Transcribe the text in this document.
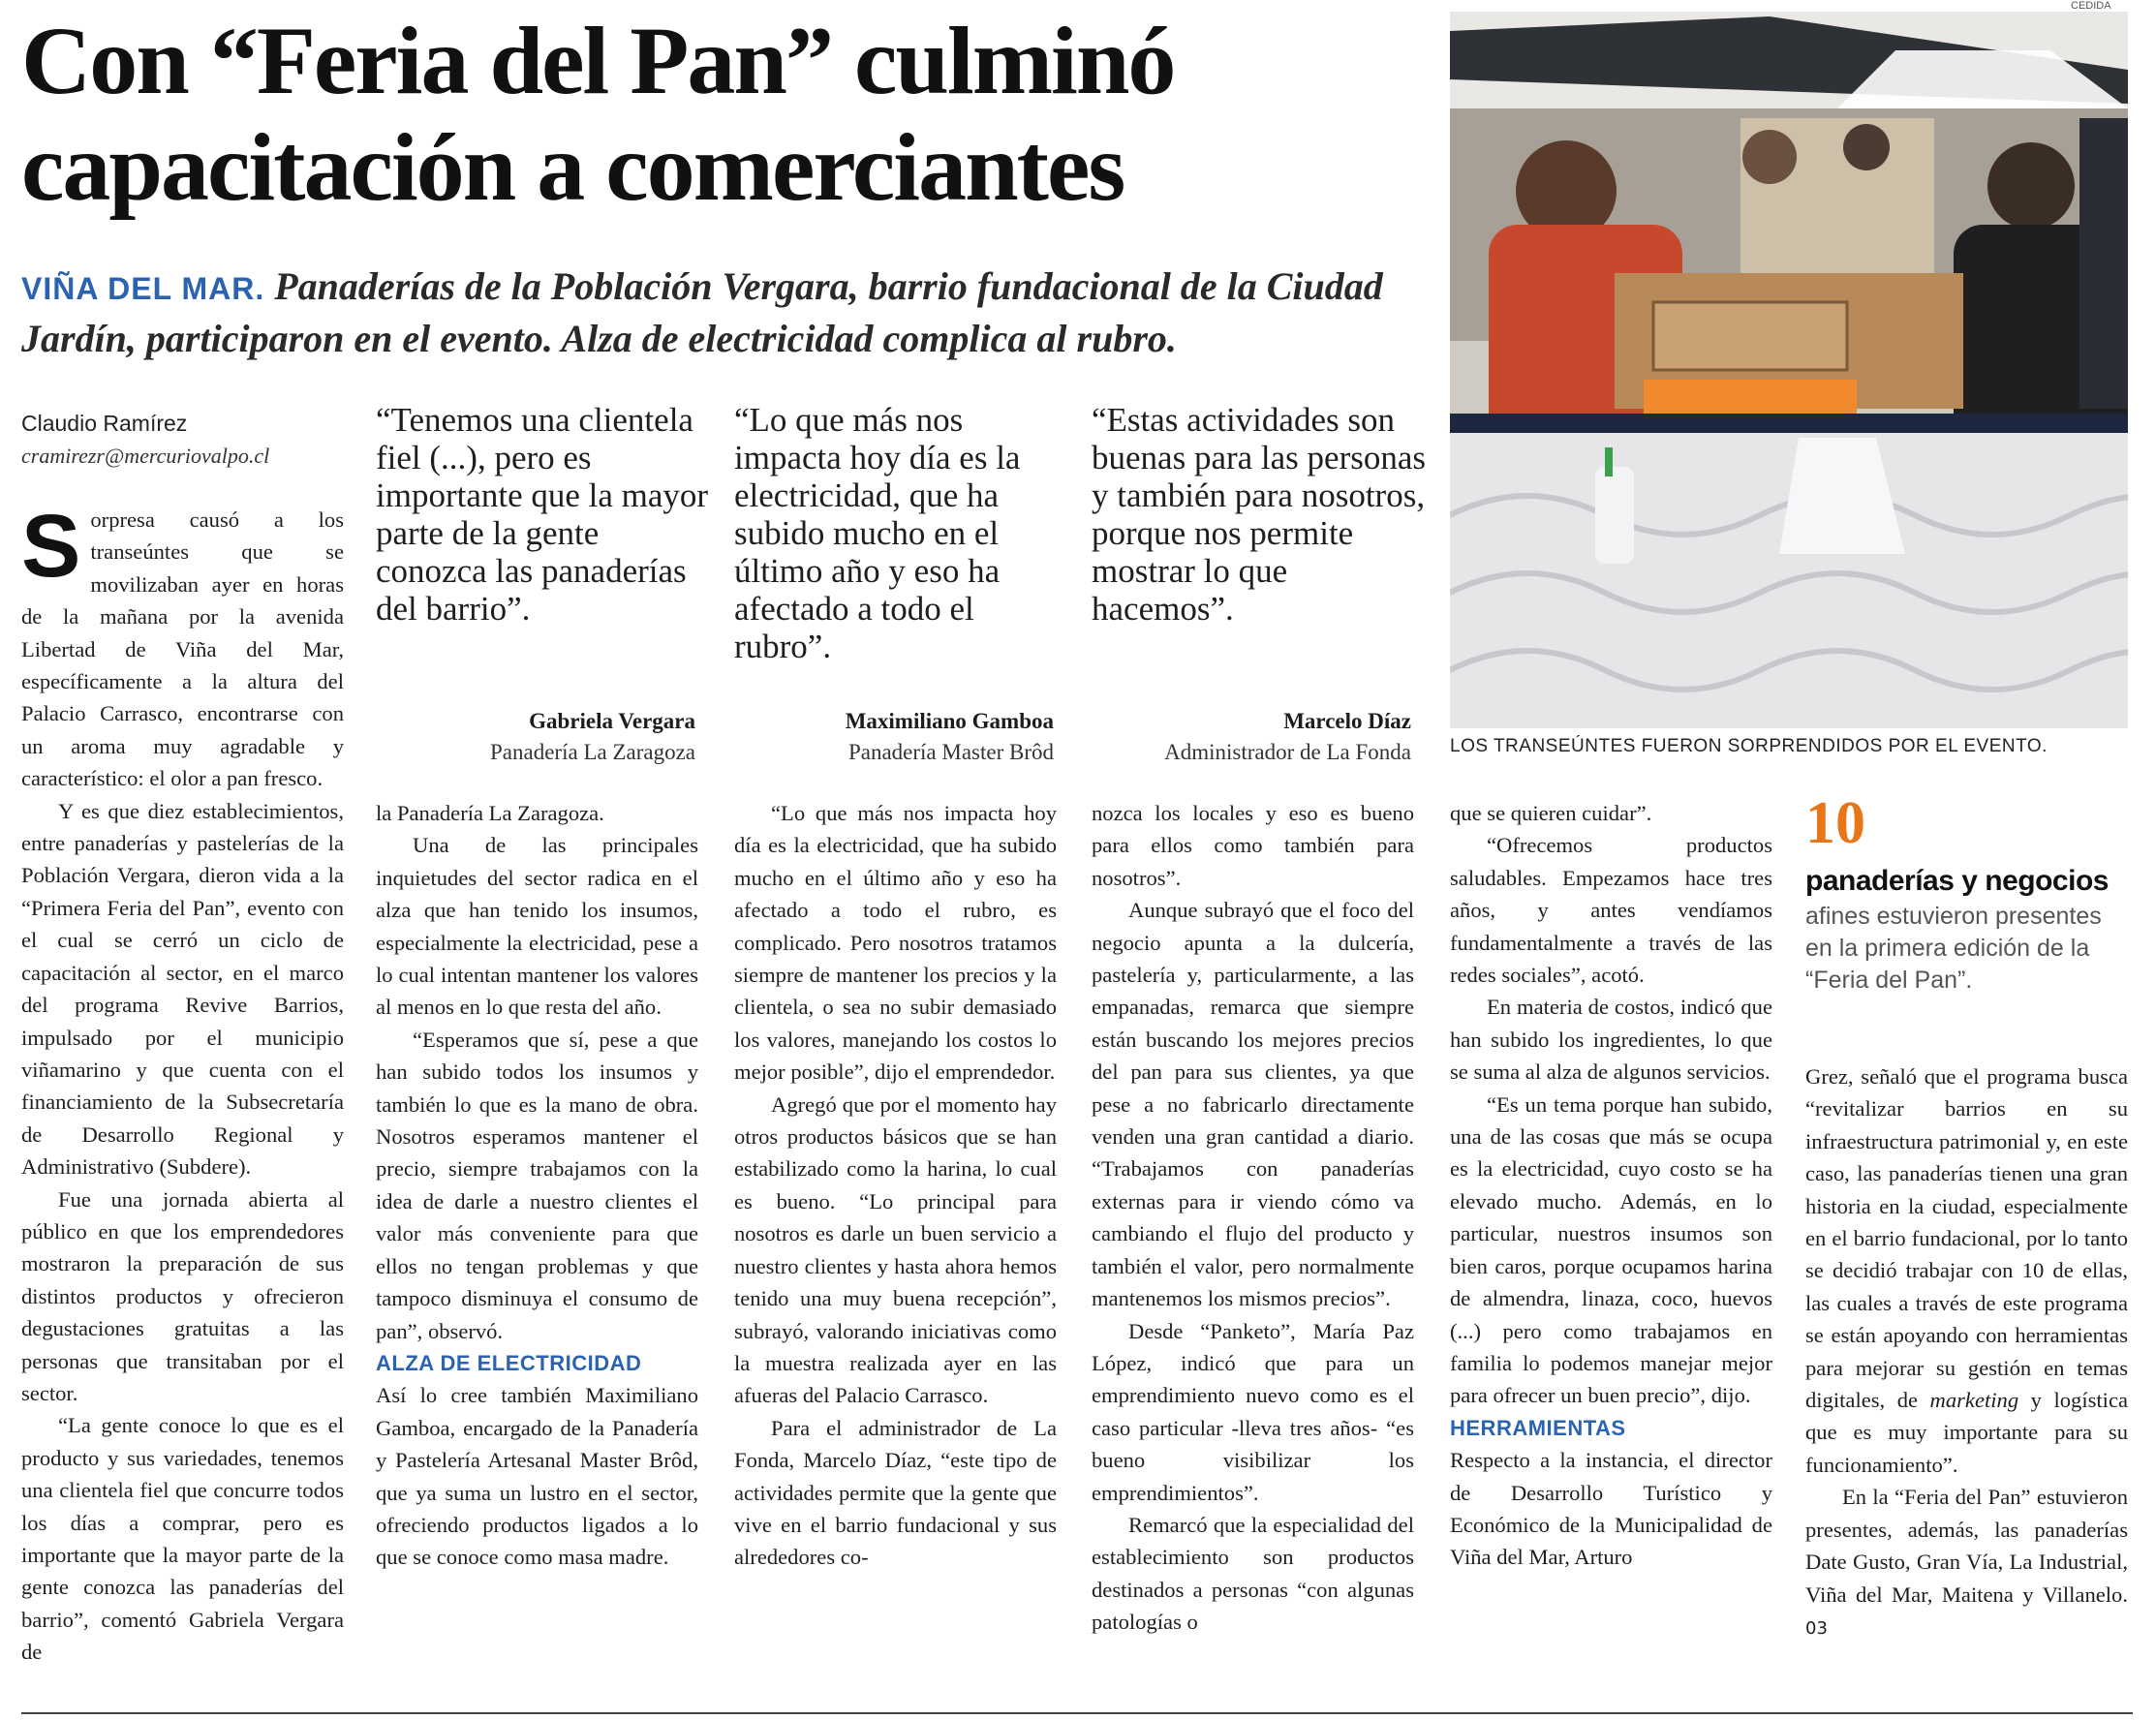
Con “Feria del Pan” culminó capacitación a comerciantes

VIÑA DEL MAR. Panaderías de la Población Vergara, barrio fundacional de la Ciudad Jardín, participaron en el evento. Alza de electricidad complica al rubro.

Claudio Ramírez
cramirezr@mercuriovalpo.cl

“Tenemos una clientela fiel (...), pero es importante que la mayor parte de la gente conozca las panaderías del barrio”.

Gabriela Vergara
Panadería La Zaragoza

“Lo que más nos impacta hoy día es la electricidad, que ha subido mucho en el último año y eso ha afectado a todo el rubro”.

Maximiliano Gamboa
Panadería Master Brôd

“Estas actividades son buenas para las personas y también para nosotros, porque nos permite mostrar lo que hacemos”.

Marcelo Díaz
Administrador de La Fonda
CEDIDA
LOS TRANSEÚNTES FUERON SORPRENDIDOS POR EL EVENTO.
10
panaderías y negocios
afines estuvieron presentes en la primera edición de la “Feria del Pan”.

Sorpresa causó a los transeúntes que se movilizaban ayer en horas de la mañana por la avenida Libertad de Viña del Mar, específicamente a la altura del Palacio Carrasco, encontrarse con un aroma muy agradable y característico: el olor a pan fresco.

Y es que diez establecimientos, entre panaderías y pastelerías de la Población Vergara, dieron vida a la “Primera Feria del Pan”, evento con el cual se cerró un ciclo de capacitación al sector, en el marco del programa Revive Barrios, impulsado por el municipio viñamarino y que cuenta con el financiamiento de la Subsecretaría de Desarrollo Regional y Administrativo (Subdere).

Fue una jornada abierta al público en que los emprendedores mostraron la preparación de sus distintos productos y ofrecieron degustaciones gratuitas a las personas que transitaban por el sector.

“La gente conoce lo que es el producto y sus variedades, tenemos una clientela fiel que concurre todos los días a comprar, pero es importante que la mayor parte de la gente conozca las panaderías del barrio”, comentó Gabriela Vergara de

la Panadería La Zaragoza.

Una de las principales inquietudes del sector radica en el alza que han tenido los insumos, especialmente la electricidad, pese a lo cual intentan mantener los valores al menos en lo que resta del año.

“Esperamos que sí, pese a que han subido todos los insumos y también lo que es la mano de obra. Nosotros esperamos mantener el precio, siempre trabajamos con la idea de darle a nuestro clientes el valor más conveniente para que ellos no tengan problemas y que tampoco disminuya el consumo de pan”, observó.

ALZA DE ELECTRICIDAD

Así lo cree también Maximiliano Gamboa, encargado de la Panadería y Pastelería Artesanal Master Brôd, que ya suma un lustro en el sector, ofreciendo productos ligados a lo que se conoce como masa madre.

“Lo que más nos impacta hoy día es la electricidad, que ha subido mucho en el último año y eso ha afectado a todo el rubro, es complicado. Pero nosotros tratamos siempre de mantener los precios y la clientela, o sea no subir demasiado los valores, manejando los costos lo mejor posible”, dijo el emprendedor.

Agregó que por el momento hay otros productos básicos que se han estabilizado como la harina, lo cual es bueno. “Lo principal para nosotros es darle un buen servicio a nuestro clientes y hasta ahora hemos tenido una muy buena recepción”, subrayó, valorando iniciativas como la muestra realizada ayer en las afueras del Palacio Carrasco.

Para el administrador de La Fonda, Marcelo Díaz, “este tipo de actividades permite que la gente que vive en el barrio fundacional y sus alrededores co-

nozca los locales y eso es bueno para ellos como también para nosotros”.

Aunque subrayó que el foco del negocio apunta a la dulcería, pastelería y, particularmente, a las empanadas, remarca que siempre están buscando los mejores precios del pan para sus clientes, ya que pese a no fabricarlo directamente venden una gran cantidad a diario. “Trabajamos con panaderías externas para ir viendo cómo va cambiando el flujo del producto y también el valor, pero normalmente mantenemos los mismos precios”.

Desde “Panketo”, María Paz López, indicó que para un emprendimiento nuevo como es el caso particular -lleva tres años- “es bueno visibilizar los emprendimientos”.

Remarcó que la especialidad del establecimiento son productos destinados a personas “con algunas patologías o

que se quieren cuidar”.

“Ofrecemos productos saludables. Empezamos hace tres años, y antes vendíamos fundamentalmente a través de las redes sociales”, acotó.

En materia de costos, indicó que han subido los ingredientes, lo que se suma al alza de algunos servicios.

“Es un tema porque han subido, una de las cosas que más se ocupa es la electricidad, cuyo costo se ha elevado mucho. Además, en lo particular, nuestros insumos son bien caros, porque ocupamos harina de almendra, linaza, coco, huevos (...) pero como trabajamos en familia lo podemos manejar mejor para ofrecer un buen precio”, dijo.

HERRAMIENTAS

Respecto a la instancia, el director de Desarrollo Turístico y Económico de la Municipalidad de Viña del Mar, Arturo

Grez, señaló que el programa busca “revitalizar barrios en su infraestructura patrimonial y, en este caso, las panaderías tienen una gran historia en la ciudad, especialmente en el barrio fundacional, por lo tanto se decidió trabajar con 10 de ellas, las cuales a través de este programa se están apoyando con herramientas para mejorar su gestión en temas digitales, de marketing y logística que es muy importante para su funcionamiento”.

En la “Feria del Pan” estuvieron presentes, además, las panaderías Date Gusto, Gran Vía, La Industrial, Viña del Mar, Maitena y Villanelo. 03
